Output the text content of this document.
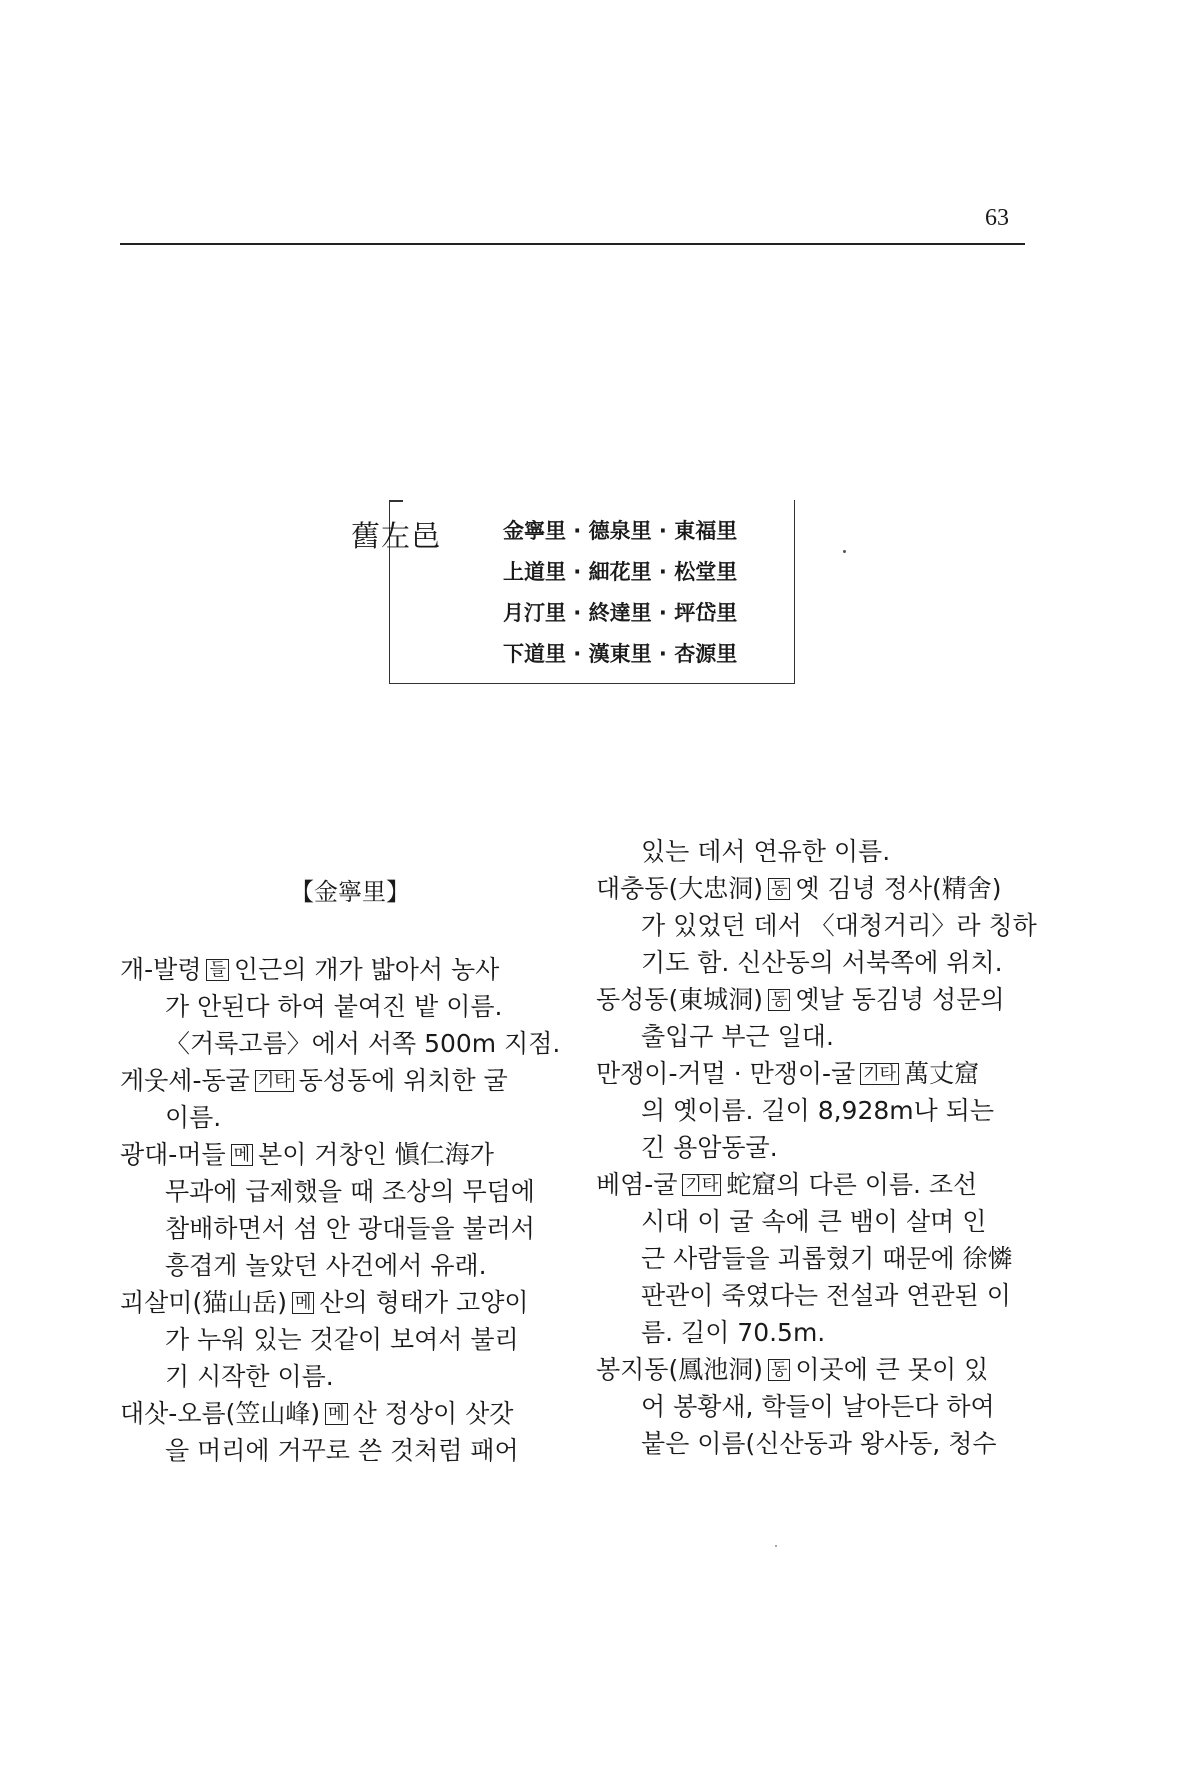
63
舊左邑	金寧里 · 德泉里 · 東福里
上道里 · 細花里 · 松堂里
月汀里 · 終達里 · 坪岱里
下道里 · 漢東里 · 杏源里
【金寧里】
개-발령 들 인근의 개가 밟아서 농사
가 안된다 하여 붙여진 밭 이름.
〈거룩고름〉에서 서쪽 500m 지점.
게웃세-동굴 기타 동성동에 위치한 굴
이름.
광대-머들 메 본이 거창인 愼仁海가
무과에 급제했을 때 조상의 무덤에
참배하면서 섬 안 광대들을 불러서
흥겹게 놀았던 사건에서 유래.
괴살미(猫山岳) 메 산의 형태가 고양이
가 누워 있는 것같이 보여서 불리
기 시작한 이름.
대삿-오름(笠山峰) 메 산 정상이 삿갓
을 머리에 거꾸로 쓴 것처럼 패어
있는 데서 연유한 이름.
대충동(大忠洞) 동 옛 김녕 정사(精舍)
가 있었던 데서 〈대청거리〉라 칭하
기도 함. 신산동의 서북쪽에 위치.
동성동(東城洞) 동 옛날 동김녕 성문의
출입구 부근 일대.
만쟁이-거멀 · 만쟁이-굴 기타 萬丈窟
의 옛이름. 길이 8,928m나 되는
긴 용암동굴.
베염-굴 기타 蛇窟의 다른 이름. 조선
시대 이 굴 속에 큰 뱀이 살며 인
근 사람들을 괴롭혔기 때문에 徐憐
판관이 죽였다는 전설과 연관된 이
름. 길이 70.5m.
봉지동(鳳池洞) 동 이곳에 큰 못이 있
어 봉황새, 학들이 날아든다 하여
붙은 이름(신산동과 왕사동, 청수
